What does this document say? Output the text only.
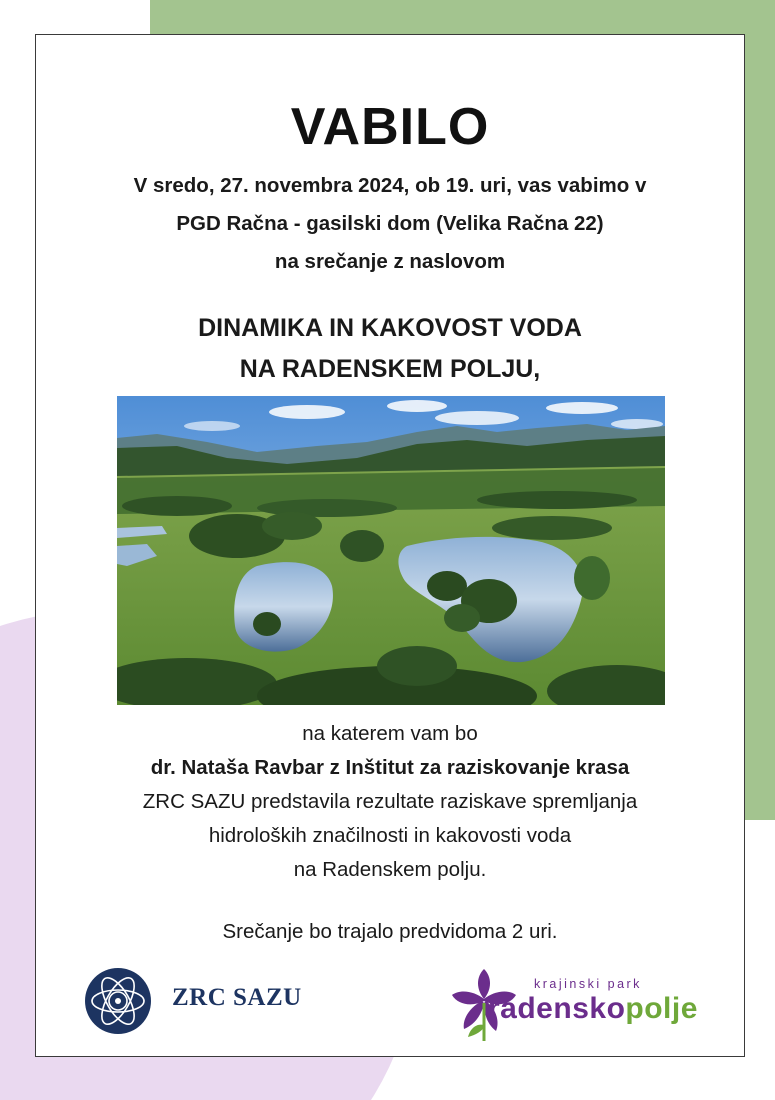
VABILO
V sredo, 27. novembra 2024, ob 19. uri, vas vabimo v
PGD Račna - gasilski dom (Velika Račna 22)
na srečanje z naslovom
DINAMIKA IN KAKOVOST VODA
NA RADENSKEM POLJU,
na katerem vam bo
dr. Nataša Ravbar z Inštitut za raziskovanje krasa
ZRC SAZU predstavila rezultate raziskave spremljanja
hidroloških značilnosti in kakovosti voda
na Radenskem polju.
Srečanje bo trajalo predvidoma 2 uri.
ZRC SAZU	krajinski park
radenskopolje
